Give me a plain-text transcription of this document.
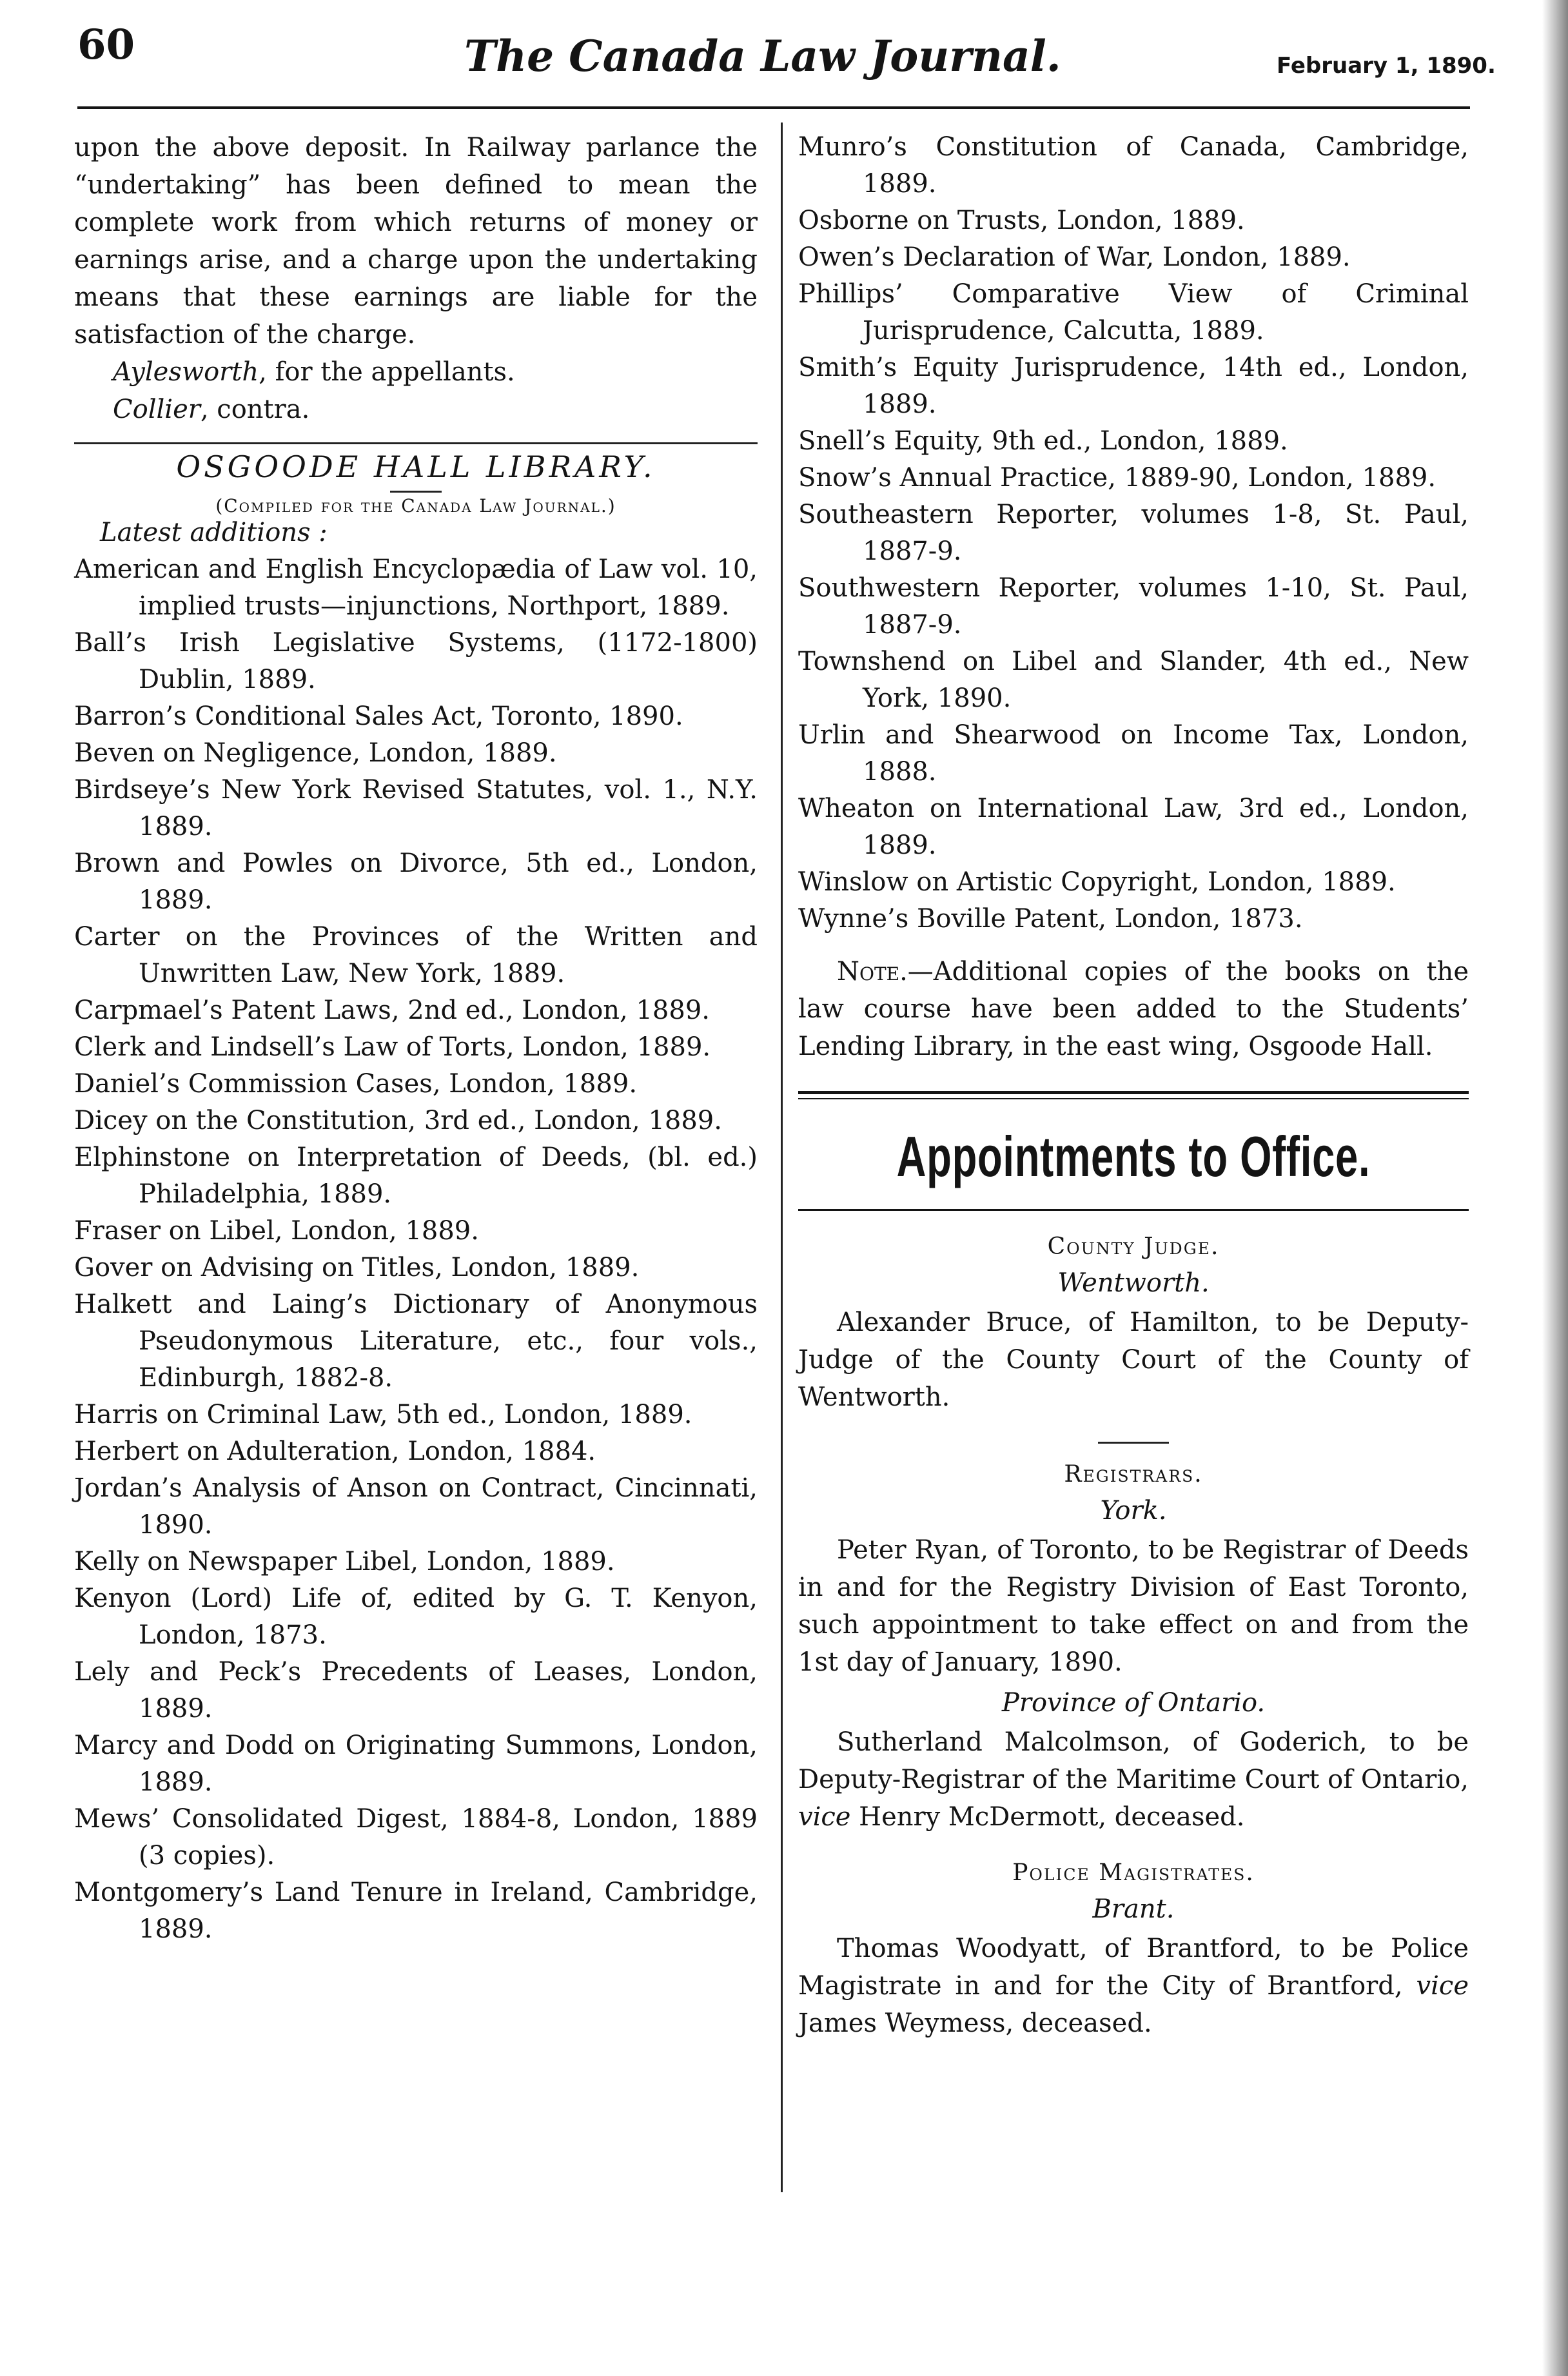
60	The Canada Law Journal.	February 1, 1890.

upon the above deposit. In Railway parlance the “undertaking” has been defined to mean the complete work from which returns of money or earnings arise, and a charge upon the undertaking means that these earnings are liable for the satisfaction of the charge.

Aylesworth, for the appellants.
Collier, contra.
OSGOODE HALL LIBRARY.
(Compiled for the Canada Law Journal.)
Latest additions :
American and English Encyclopædia of Law vol. 10, implied trusts—injunctions, Northport, 1889.
Ball’s Irish Legislative Systems, (1172-1800) Dublin, 1889.
Barron’s Conditional Sales Act, Toronto, 1890.
Beven on Negligence, London, 1889.
Birdseye’s New York Revised Statutes, vol. 1., N.Y. 1889.
Brown and Powles on Divorce, 5th ed., London, 1889.
Carter on the Provinces of the Written and Unwritten Law, New York, 1889.
Carpmael’s Patent Laws, 2nd ed., London, 1889.
Clerk and Lindsell’s Law of Torts, London, 1889.
Daniel’s Commission Cases, London, 1889.
Dicey on the Constitution, 3rd ed., London, 1889.
Elphinstone on Interpretation of Deeds, (bl. ed.) Philadelphia, 1889.
Fraser on Libel, London, 1889.
Gover on Advising on Titles, London, 1889.
Halkett and Laing’s Dictionary of Anonymous Pseudonymous Literature, etc., four vols., Edinburgh, 1882-8.
Harris on Criminal Law, 5th ed., London, 1889.
Herbert on Adulteration, London, 1884.
Jordan’s Analysis of Anson on Contract, Cincinnati, 1890.
Kelly on Newspaper Libel, London, 1889.
Kenyon (Lord) Life of, edited by G. T. Kenyon, London, 1873.
Lely and Peck’s Precedents of Leases, London, 1889.
Marcy and Dodd on Originating Summons, London, 1889.
Mews’ Consolidated Digest, 1884-8, London, 1889 (3 copies).
Montgomery’s Land Tenure in Ireland, Cambridge, 1889.
Munro’s Constitution of Canada, Cambridge, 1889.
Osborne on Trusts, London, 1889.
Owen’s Declaration of War, London, 1889.
Phillips’ Comparative View of Criminal Jurisprudence, Calcutta, 1889.
Smith’s Equity Jurisprudence, 14th ed., London, 1889.
Snell’s Equity, 9th ed., London, 1889.
Snow’s Annual Practice, 1889-90, London, 1889.
Southeastern Reporter, volumes 1-8, St. Paul, 1887-9.
Southwestern Reporter, volumes 1-10, St. Paul, 1887-9.
Townshend on Libel and Slander, 4th ed., New York, 1890.
Urlin and Shearwood on Income Tax, London, 1888.
Wheaton on International Law, 3rd ed., London, 1889.
Winslow on Artistic Copyright, London, 1889.
Wynne’s Boville Patent, London, 1873.

Note.—Additional copies of the books on the law course have been added to the Students’ Lending Library, in the east wing, Osgoode Hall.

Appointments to Office.
County Judge.
Wentworth.

Alexander Bruce, of Hamilton, to be Deputy-Judge of the County Court of the County of Wentworth.

Registrars.
York.

Peter Ryan, of Toronto, to be Registrar of Deeds in and for the Registry Division of East Toronto, such appointment to take effect on and from the 1st day of January, 1890.

Province of Ontario.

Sutherland Malcolmson, of Goderich, to be Deputy-Registrar of the Maritime Court of Ontario, vice Henry McDermott, deceased.

Police Magistrates.
Brant.

Thomas Woodyatt, of Brantford, to be Police Magistrate in and for the City of Brantford, vice James Weymess, deceased.
